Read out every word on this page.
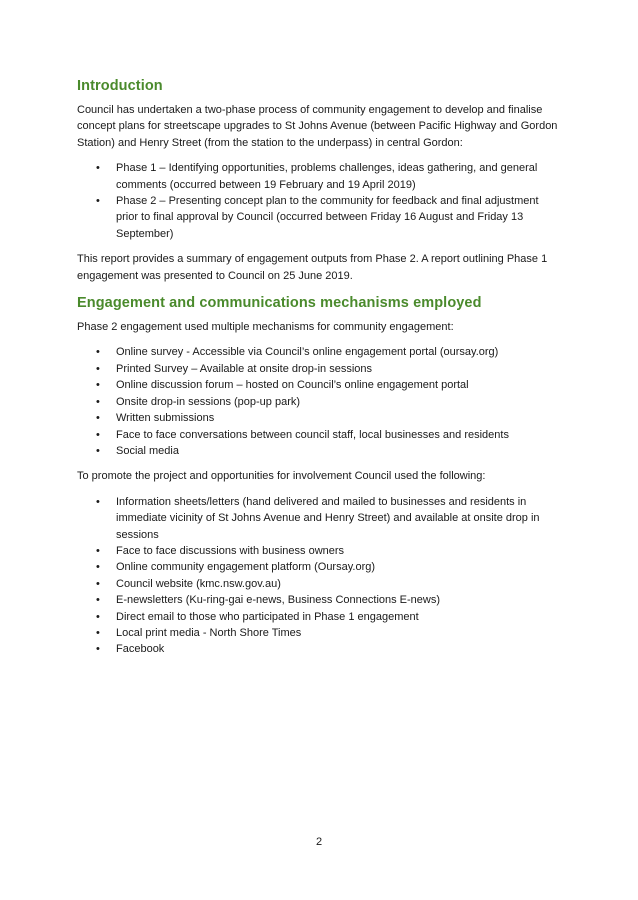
Introduction

Council has undertaken a two-phase process of community engagement to develop and finalise concept plans for streetscape upgrades to St Johns Avenue (between Pacific Highway and Gordon Station) and Henry Street (from the station to the underpass) in central Gordon:

• Phase 1 – Identifying opportunities, problems challenges, ideas gathering, and general comments (occurred between 19 February and 19 April 2019)
• Phase 2 – Presenting concept plan to the community for feedback and final adjustment prior to final approval by Council (occurred between Friday 16 August and Friday 13 September)

This report provides a summary of engagement outputs from Phase 2. A report outlining Phase 1 engagement was presented to Council on 25 June 2019.

Engagement and communications mechanisms employed

Phase 2 engagement used multiple mechanisms for community engagement:

• Online survey - Accessible via Council’s online engagement portal (oursay.org)
• Printed Survey – Available at onsite drop-in sessions
• Online discussion forum – hosted on Council’s online engagement portal
• Onsite drop-in sessions (pop-up park)
• Written submissions
• Face to face conversations between council staff, local businesses and residents
• Social media

To promote the project and opportunities for involvement Council used the following:

• Information sheets/letters (hand delivered and mailed to businesses and residents in immediate vicinity of St Johns Avenue and Henry Street) and available at onsite drop in sessions
• Face to face discussions with business owners
• Online community engagement platform (Oursay.org)
• Council website (kmc.nsw.gov.au)
• E-newsletters (Ku-ring-gai e-news, Business Connections E-news)
• Direct email to those who participated in Phase 1 engagement
• Local print media - North Shore Times
• Facebook
2
